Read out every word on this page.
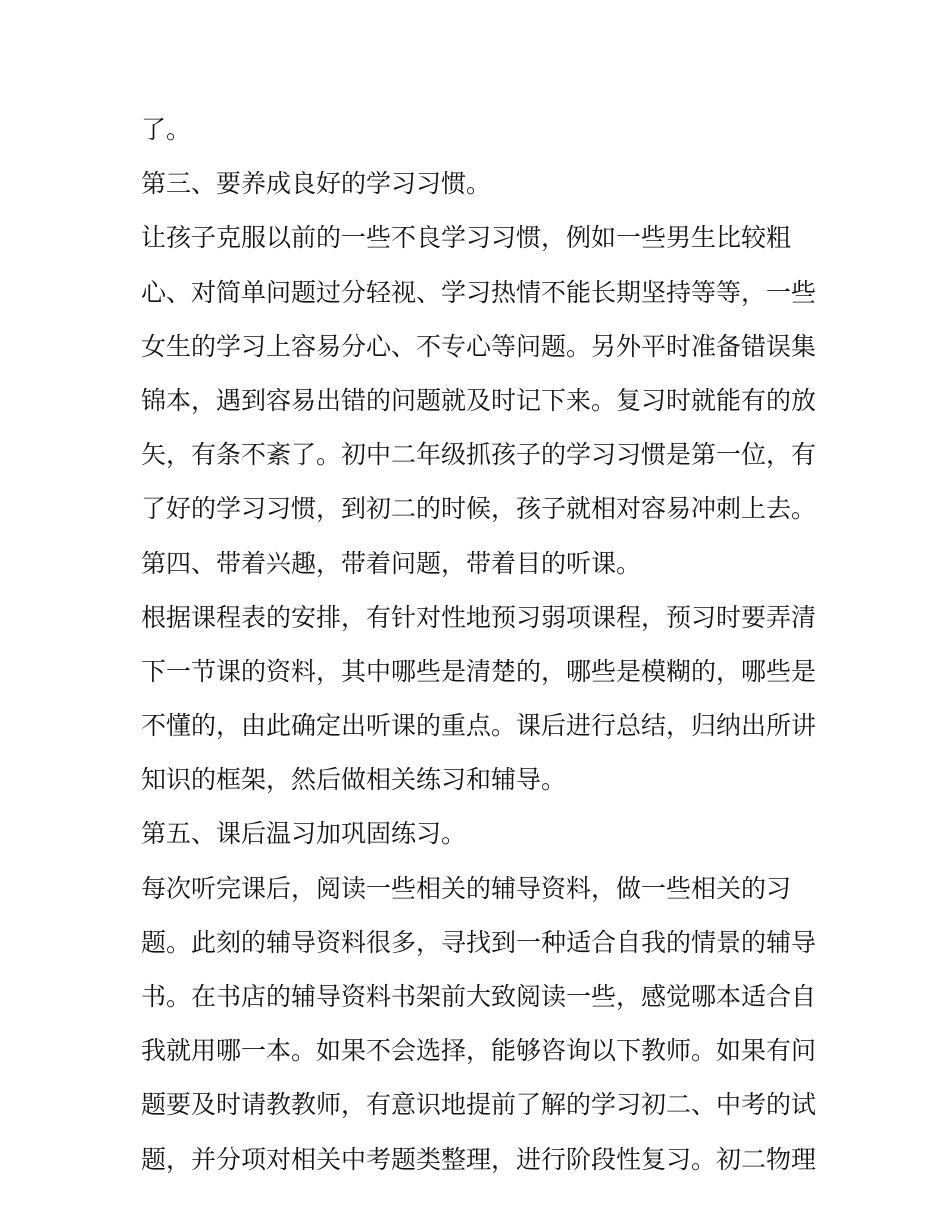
了。
第三、要养成良好的学习习惯。
让孩子克服以前的一些不良学习习惯，例如一些男生比较粗
心、对简单问题过分轻视、学习热情不能长期坚持等等，一些
女生的学习上容易分心、不专心等问题。另外平时准备错误集
锦本，遇到容易出错的问题就及时记下来。复习时就能有的放
矢，有条不紊了。初中二年级抓孩子的学习习惯是第一位，有
了好的学习习惯，到初二的时候，孩子就相对容易冲刺上去。
第四、带着兴趣，带着问题，带着目的听课。
根据课程表的安排，有针对性地预习弱项课程，预习时要弄清
下一节课的资料，其中哪些是清楚的，哪些是模糊的，哪些是
不懂的，由此确定出听课的重点。课后进行总结，归纳出所讲
知识的框架，然后做相关练习和辅导。
第五、课后温习加巩固练习。
每次听完课后，阅读一些相关的辅导资料，做一些相关的习
题。此刻的辅导资料很多，寻找到一种适合自我的情景的辅导
书。在书店的辅导资料书架前大致阅读一些，感觉哪本适合自
我就用哪一本。如果不会选择，能够咨询以下教师。如果有问
题要及时请教教师，有意识地提前了解的学习初二、中考的试
题，并分项对相关中考题类整理，进行阶段性复习。初二物理
